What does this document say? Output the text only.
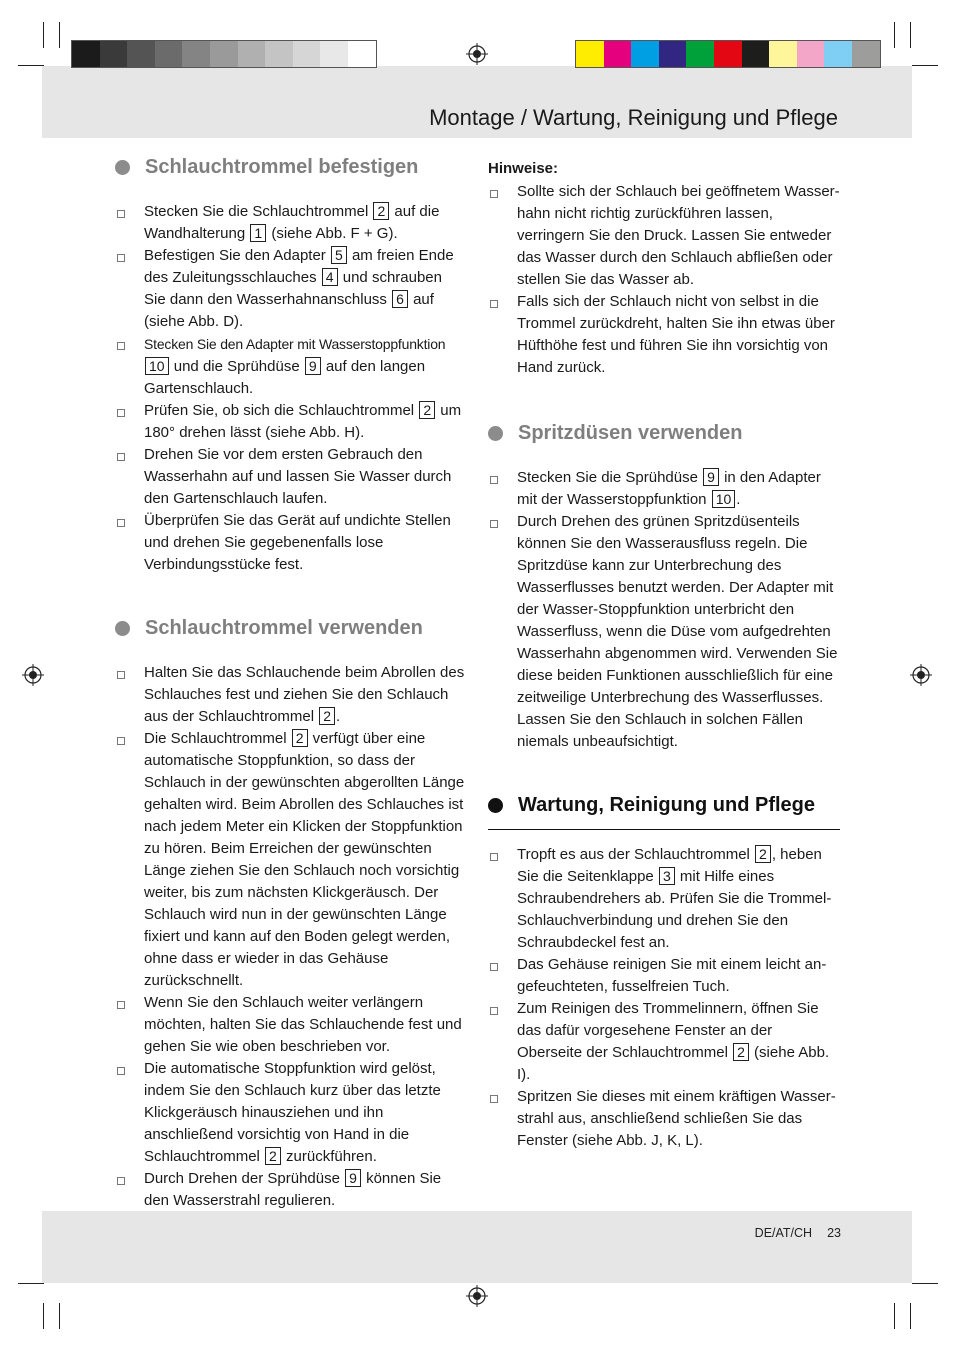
Montage / Wartung, Reinigung und Pflege
Schlauchtrommel befestigen
Stecken Sie die Schlauchtrommel 2 auf die Wandhalterung 1 (siehe Abb. F + G).
Befestigen Sie den Adapter 5 am freien Ende des Zuleitungsschlauches 4 und schrauben Sie dann den Wasserhahnanschluss 6 auf (siehe Abb. D).
Stecken Sie den Adapter mit Wasserstoppfunktion 10 und die Sprühdüse 9 auf den langen Gartenschlauch.
Prüfen Sie, ob sich die Schlauchtrommel 2 um 180° drehen lässt (siehe Abb. H).
Drehen Sie vor dem ersten Gebrauch den Wasserhahn auf und lassen Sie Wasser durch den Gartenschlauch laufen.
Überprüfen Sie das Gerät auf undichte Stellen und drehen Sie gegebenenfalls lose Verbindungsstücke fest.
Schlauchtrommel verwenden
Halten Sie das Schlauchende beim Abrollen des Schlauches fest und ziehen Sie den Schlauch aus der Schlauchtrommel 2 .
Die Schlauchtrommel 2 verfügt über eine automatische Stoppfunktion, so dass der Schlauch in der gewünschten abgerollten Länge gehalten wird. Beim Abrollen des Schlauches ist nach jedem Meter ein Klicken der Stoppfunktion zu hören. Beim Erreichen der gewünschten Länge ziehen Sie den Schlauch noch vorsichtig weiter, bis zum nächsten Klickgeräusch. Der Schlauch wird nun in der gewünschten Länge fixiert und kann auf den Boden gelegt werden, ohne dass er wieder in das Gehäuse zurückschnellt.
Wenn Sie den Schlauch weiter verlängern möchten, halten Sie das Schlauchende fest und gehen Sie wie oben beschrieben vor.
Die automatische Stoppfunktion wird gelöst, indem Sie den Schlauch kurz über das letzte Klickgeräusch hinausziehen und ihn anschließend vorsichtig von Hand in die Schlauchtrommel 2 zurückführen.
Durch Drehen der Sprühdüse 9 können Sie den Wasserstrahl regulieren.

Hinweise:

Sollte sich der Schlauch bei geöffnetem Wasserhahn nicht richtig zurückführen lassen, verringern Sie den Druck. Lassen Sie entweder das Wasser durch den Schlauch abfließen oder stellen Sie das Wasser ab.
Falls sich der Schlauch nicht von selbst in die Trommel zurückdreht, halten Sie ihn etwas über Hüfthöhe fest und führen Sie ihn vorsichtig von Hand zurück.
Spritzdüsen verwenden
Stecken Sie die Sprühdüse 9 in den Adapter mit der Wasserstoppfunktion 10 .
Durch Drehen des grünen Spritzdüsenteils können Sie den Wasserausfluss regeln. Die Spritzdüse kann zur Unterbrechung des Wasserflusses benutzt werden. Der Adapter mit der Wasser-Stoppfunktion unterbricht den Wasserfluss, wenn die Düse vom aufgedrehten Wasserhahn abgenommen wird. Verwenden Sie diese beiden Funktionen ausschließlich für eine zeitweilige Unterbrechung des Wasserflusses. Lassen Sie den Schlauch in solchen Fällen niemals unbeaufsichtigt.
Wartung, Reinigung und Pflege
Tropft es aus der Schlauchtrommel 2 , heben Sie die Seitenklappe 3 mit Hilfe eines Schraubendrehers ab. Prüfen Sie die Trommel-Schlauchverbindung und drehen Sie den Schraubdeckel fest an.
Das Gehäuse reinigen Sie mit einem leicht angefeuchteten, fusselfreien Tuch.
Zum Reinigen des Trommelinnern, öffnen Sie das dafür vorgesehene Fenster an der Oberseite der Schlauchtrommel 2 (siehe Abb. I).
Spritzen Sie dieses mit einem kräftigen Wasserstrahl aus, anschließend schließen Sie das Fenster (siehe Abb. J, K, L).
DE/AT/CH 23
